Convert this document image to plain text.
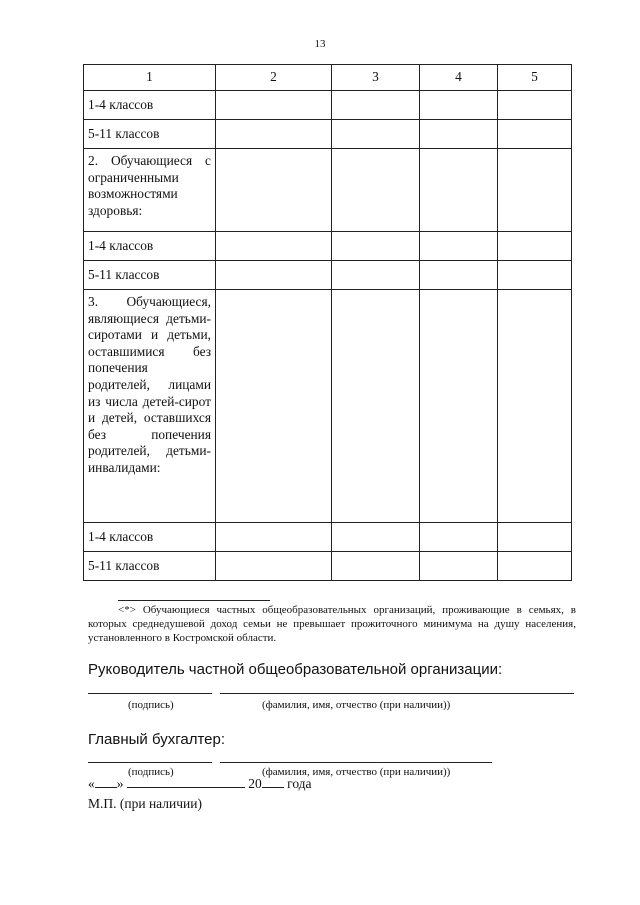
13
1	2	3	4	5
1-4 классов				
5-11 классов				
2. Обучающиеся с ограниченными возможностями здоровья:				
1-4 классов				
5-11 классов				
3. Обучающиеся, являющиеся детьми-сиротами и детьми, оставшимися без попечения родителей, лицами из числа детей-сирот и детей, оставшихся без попечения родителей, детьми-инвалидами:				
1-4 классов				
5-11 классов				
<*> Обучающиеся частных общеобразовательных организаций, проживающие в семьях, в которых среднедушевой доход семьи не превышает прожиточного минимума на душу населения, установленного в Костромской области.
Руководитель частной общеобразовательной организации:
(подпись)	(фамилия, имя, отчество (при наличии))
Главный бухгалтер:
(подпись)	(фамилия, имя, отчество (при наличии))
« »	20 года
М.П. (при наличии)
